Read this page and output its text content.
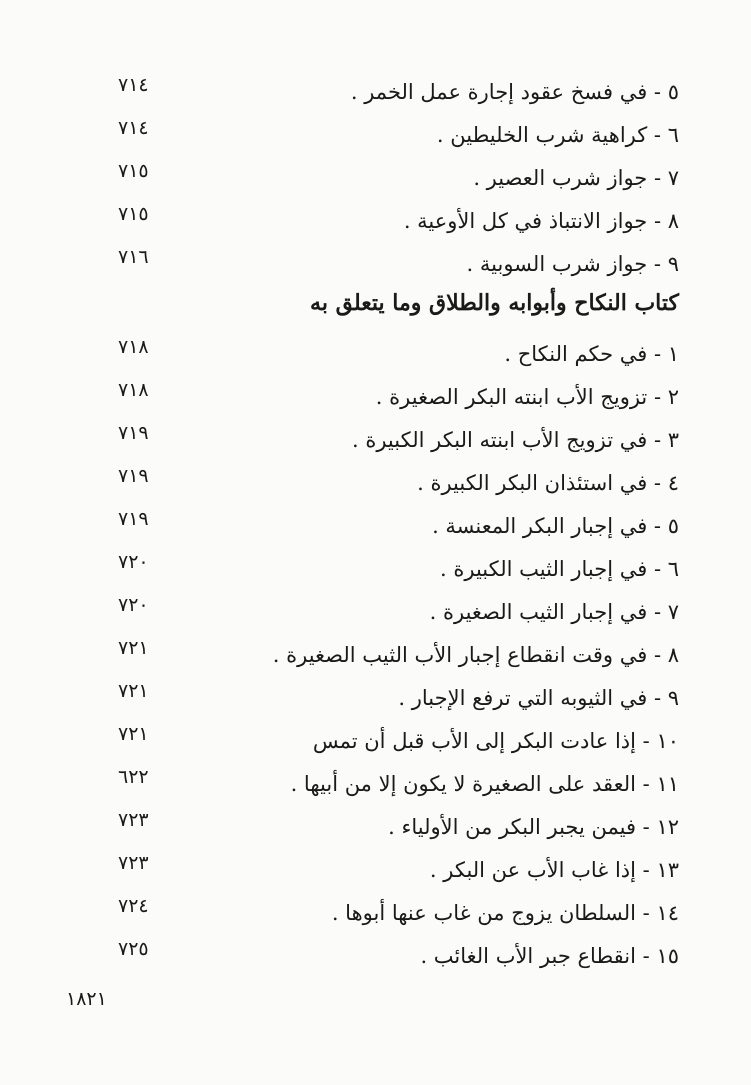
٥ - في فسخ عقود إجارة عمل الخمر .
٧١٤
٦ - كراهية شرب الخليطين .
٧١٤
٧ - جواز شرب العصير .
٧١٥
٨ - جواز الانتباذ في كل الأوعية .
٧١٥
٩ - جواز شرب السوبية .
٧١٦
كتاب النكاح وأبوابه والطلاق وما يتعلق به
١ - في حكم النكاح .
٧١٨
٢ - تزويج الأب ابنته البكر الصغيرة .
٧١٨
٣ - في تزويج الأب ابنته البكر الكبيرة .
٧١٩
٤ - في استئذان البكر الكبيرة .
٧١٩
٥ - في إجبار البكر المعنسة .
٧١٩
٦ - في إجبار الثيب الكبيرة .
٧٢٠
٧ - في إجبار الثيب الصغيرة .
٧٢٠
٨ - في وقت انقطاع إجبار الأب الثيب الصغيرة .
٧٢١
٩ - في الثيوبه التي ترفع الإجبار .
٧٢١
١٠ - إذا عادت البكر إلى الأب قبل أن تمس
٧٢١
١١ - العقد على الصغيرة لا يكون إلا من أبيها .
٦٢٢
١٢ - فيمن يجبر البكر من الأولياء .
٧٢٣
١٣ - إذا غاب الأب عن البكر .
٧٢٣
١٤ - السلطان يزوج من غاب عنها أبوها .
٧٢٤
١٥ - انقطاع جبر الأب الغائب .
٧٢٥
١٨٢١
